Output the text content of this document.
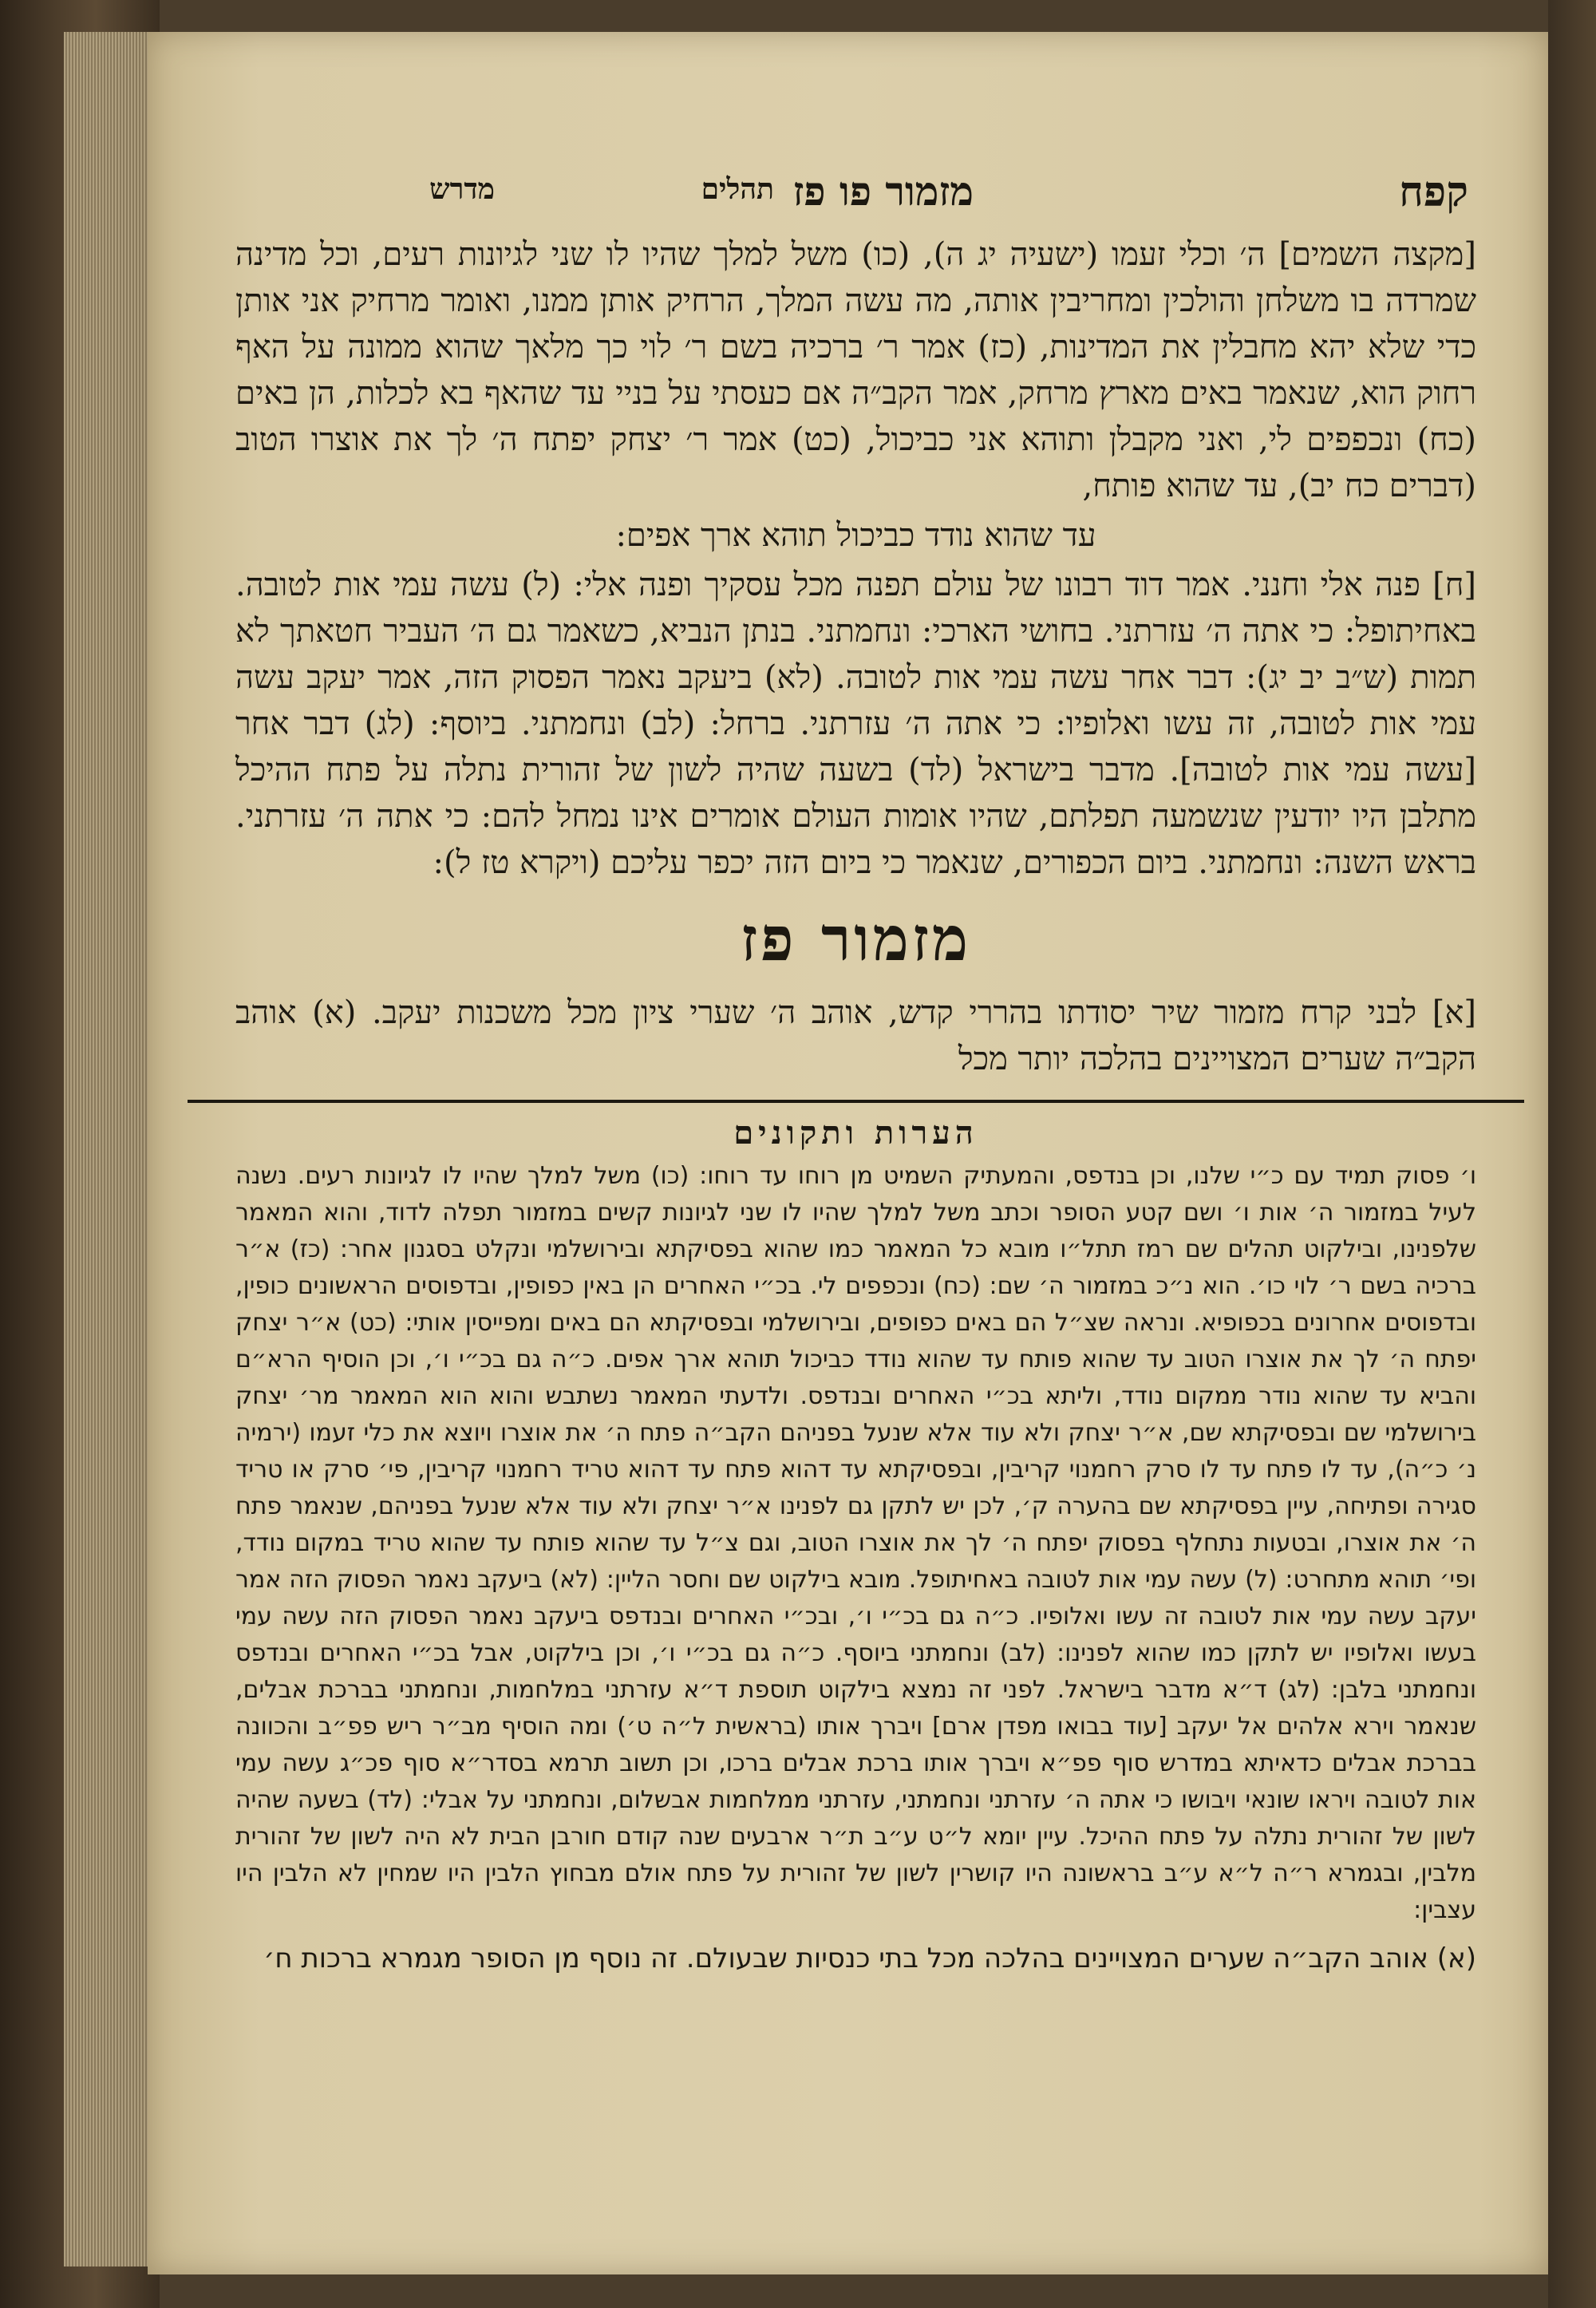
קפח
מזמור פו פז
תהלים
מדרש

[מקצה השמים] ה׳ וכלי זעמו (ישעיה יג ה), (כו) משל למלך שהיו לו שני לגיונות רעים, וכל מדינה שמרדה בו משלחן והולכין ומחריבין אותה, מה עשה המלך, הרחיק אותן ממנו, ואומר מרחיק אני אותן כדי שלא יהא מחבלין את המדינות, (כז) אמר ר׳ ברכיה בשם ר׳ לוי כך מלאך שהוא ממונה על האף רחוק הוא, שנאמר באים מארץ מרחק, אמר הקב״ה אם כעסתי על בניי עד שהאף בא לכלות, הן באים (כח) ונכפפים לי, ואני מקבלן ותוהא אני כביכול, (כט) אמר ר׳ יצחק יפתח ה׳ לך את אוצרו הטוב (דברים כח יב), עד שהוא פותח,

עד שהוא נודד כביכול תוהא ארך אפים:

[ח] פנה אלי וחנני. אמר דוד רבונו של עולם תפנה מכל עסקיך ופנה אלי: (ל) עשה עמי אות לטובה. באחיתופל: כי אתה ה׳ עזרתני. בחושי הארכי: ונחמתני. בנתן הנביא, כשאמר גם ה׳ העביר חטאתך לא תמות (ש״ב יב יג): דבר אחר עשה עמי אות לטובה. (לא) ביעקב נאמר הפסוק הזה, אמר יעקב עשה עמי אות לטובה, זה עשו ואלופיו: כי אתה ה׳ עזרתני. ברחל: (לב) ונחמתני. ביוסף: (לג) דבר אחר [עשה עמי אות לטובה]. מדבר בישראל (לד) בשעה שהיה לשון של זהורית נתלה על פתח ההיכל מתלבן היו יודעין שנשמעה תפלתם, שהיו אומות העולם אומרים אינו נמחל להם: כי אתה ה׳ עזרתני. בראש השנה: ונחמתני. ביום הכפורים, שנאמר כי ביום הזה יכפר עליכם (ויקרא טז ל):

מזמור פז

[א] לבני קרח מזמור שיר יסודתו בהררי קדש, אוהב ה׳ שערי ציון מכל משכנות יעקב. (א) אוהב הקב״ה שערים המצויינים בהלכה יותר מכל

הערות ותקונים

ו׳ פסוק תמיד עם כ״י שלנו, וכן בנדפס, והמעתיק השמיט מן רוחו עד רוחו: (כו) משל למלך שהיו לו לגיונות רעים. נשנה לעיל במזמור ה׳ אות ו׳ ושם קטע הסופר וכתב משל למלך שהיו לו שני לגיונות קשים במזמור תפלה לדוד, והוא המאמר שלפנינו, ובילקוט תהלים שם רמז תתל״ו מובא כל המאמר כמו שהוא בפסיקתא ובירושלמי ונקלט בסגנון אחר: (כז) א״ר ברכיה בשם ר׳ לוי כו׳. הוא נ״כ במזמור ה׳ שם: (כח) ונכפפים לי. בכ״י האחרים הן באין כפופין, ובדפוסים הראשונים כופין, ובדפוסים אחרונים בכפופיא. ונראה שצ״ל הם באים כפופים, ובירושלמי ובפסיקתא הם באים ומפייסין אותי: (כט) א״ר יצחק יפתח ה׳ לך את אוצרו הטוב עד שהוא פותח עד שהוא נודד כביכול תוהא ארך אפים. כ״ה גם בכ״י ו׳, וכן הוסיף הרא״ם והביא עד שהוא נודר ממקום נודד, וליתא בכ״י האחרים ובנדפס. ולדעתי המאמר נשתבש והוא הוא המאמר מר׳ יצחק בירושלמי שם ובפסיקתא שם, א״ר יצחק ולא עוד אלא שנעל בפניהם הקב״ה פתח ה׳ את אוצרו ויוצא את כלי זעמו (ירמיה נ׳ כ״ה), עד לו פתח עד לו סרק רחמנוי קריבין, ובפסיקתא עד דהוא פתח עד דהוא טריד רחמנוי קריבין, פי׳ סרק או טריד סגירה ופתיחה, עיין בפסיקתא שם בהערה ק׳, לכן יש לתקן גם לפנינו א״ר יצחק ולא עוד אלא שנעל בפניהם, שנאמר פתח ה׳ את אוצרו, ובטעות נתחלף בפסוק יפתח ה׳ לך את אוצרו הטוב, וגם צ״ל עד שהוא פותח עד שהוא טריד במקום נודד, ופי׳ תוהא מתחרט: (ל) עשה עמי אות לטובה באחיתופל. מובא בילקוט שם וחסר הליין: (לא) ביעקב נאמר הפסוק הזה אמר יעקב עשה עמי אות לטובה זה עשו ואלופיו. כ״ה גם בכ״י ו׳, ובכ״י האחרים ובנדפס ביעקב נאמר הפסוק הזה עשה עמי בעשו ואלופיו יש לתקן כמו שהוא לפנינו: (לב) ונחמתני ביוסף. כ״ה גם בכ״י ו׳, וכן בילקוט, אבל בכ״י האחרים ובנדפס ונחמתני בלבן: (לג) ד״א מדבר בישראל. לפני זה נמצא בילקוט תוספת ד״א עזרתני במלחמות, ונחמתני בברכת אבלים, שנאמר וירא אלהים אל יעקב [עוד בבואו מפדן ארם] ויברך אותו (בראשית ל״ה ט׳) ומה הוסיף מב״ר ריש פפ״ב והכוונה בברכת אבלים כדאיתא במדרש סוף פפ״א ויברך אותו ברכת אבלים ברכו, וכן תשוב תרמא בסדר״א סוף פכ״ג עשה עמי אות לטובה ויראו שונאי ויבושו כי אתה ה׳ עזרתני ונחמתני, עזרתני ממלחמות אבשלום, ונחמתני על אבלי: (לד) בשעה שהיה לשון של זהורית נתלה על פתח ההיכל. עיין יומא ל״ט ע״ב ת״ר ארבעים שנה קודם חורבן הבית לא היה לשון של זהורית מלבין, ובגמרא ר״ה ל״א ע״ב בראשונה היו קושרין לשון של זהורית על פתח אולם מבחוץ הלבין היו שמחין לא הלבין היו עצבין:

(א) אוהב הקב״ה שערים המצויינים בהלכה מכל בתי כנסיות שבעולם. זה נוסף מן הסופר מגמרא ברכות ח׳
